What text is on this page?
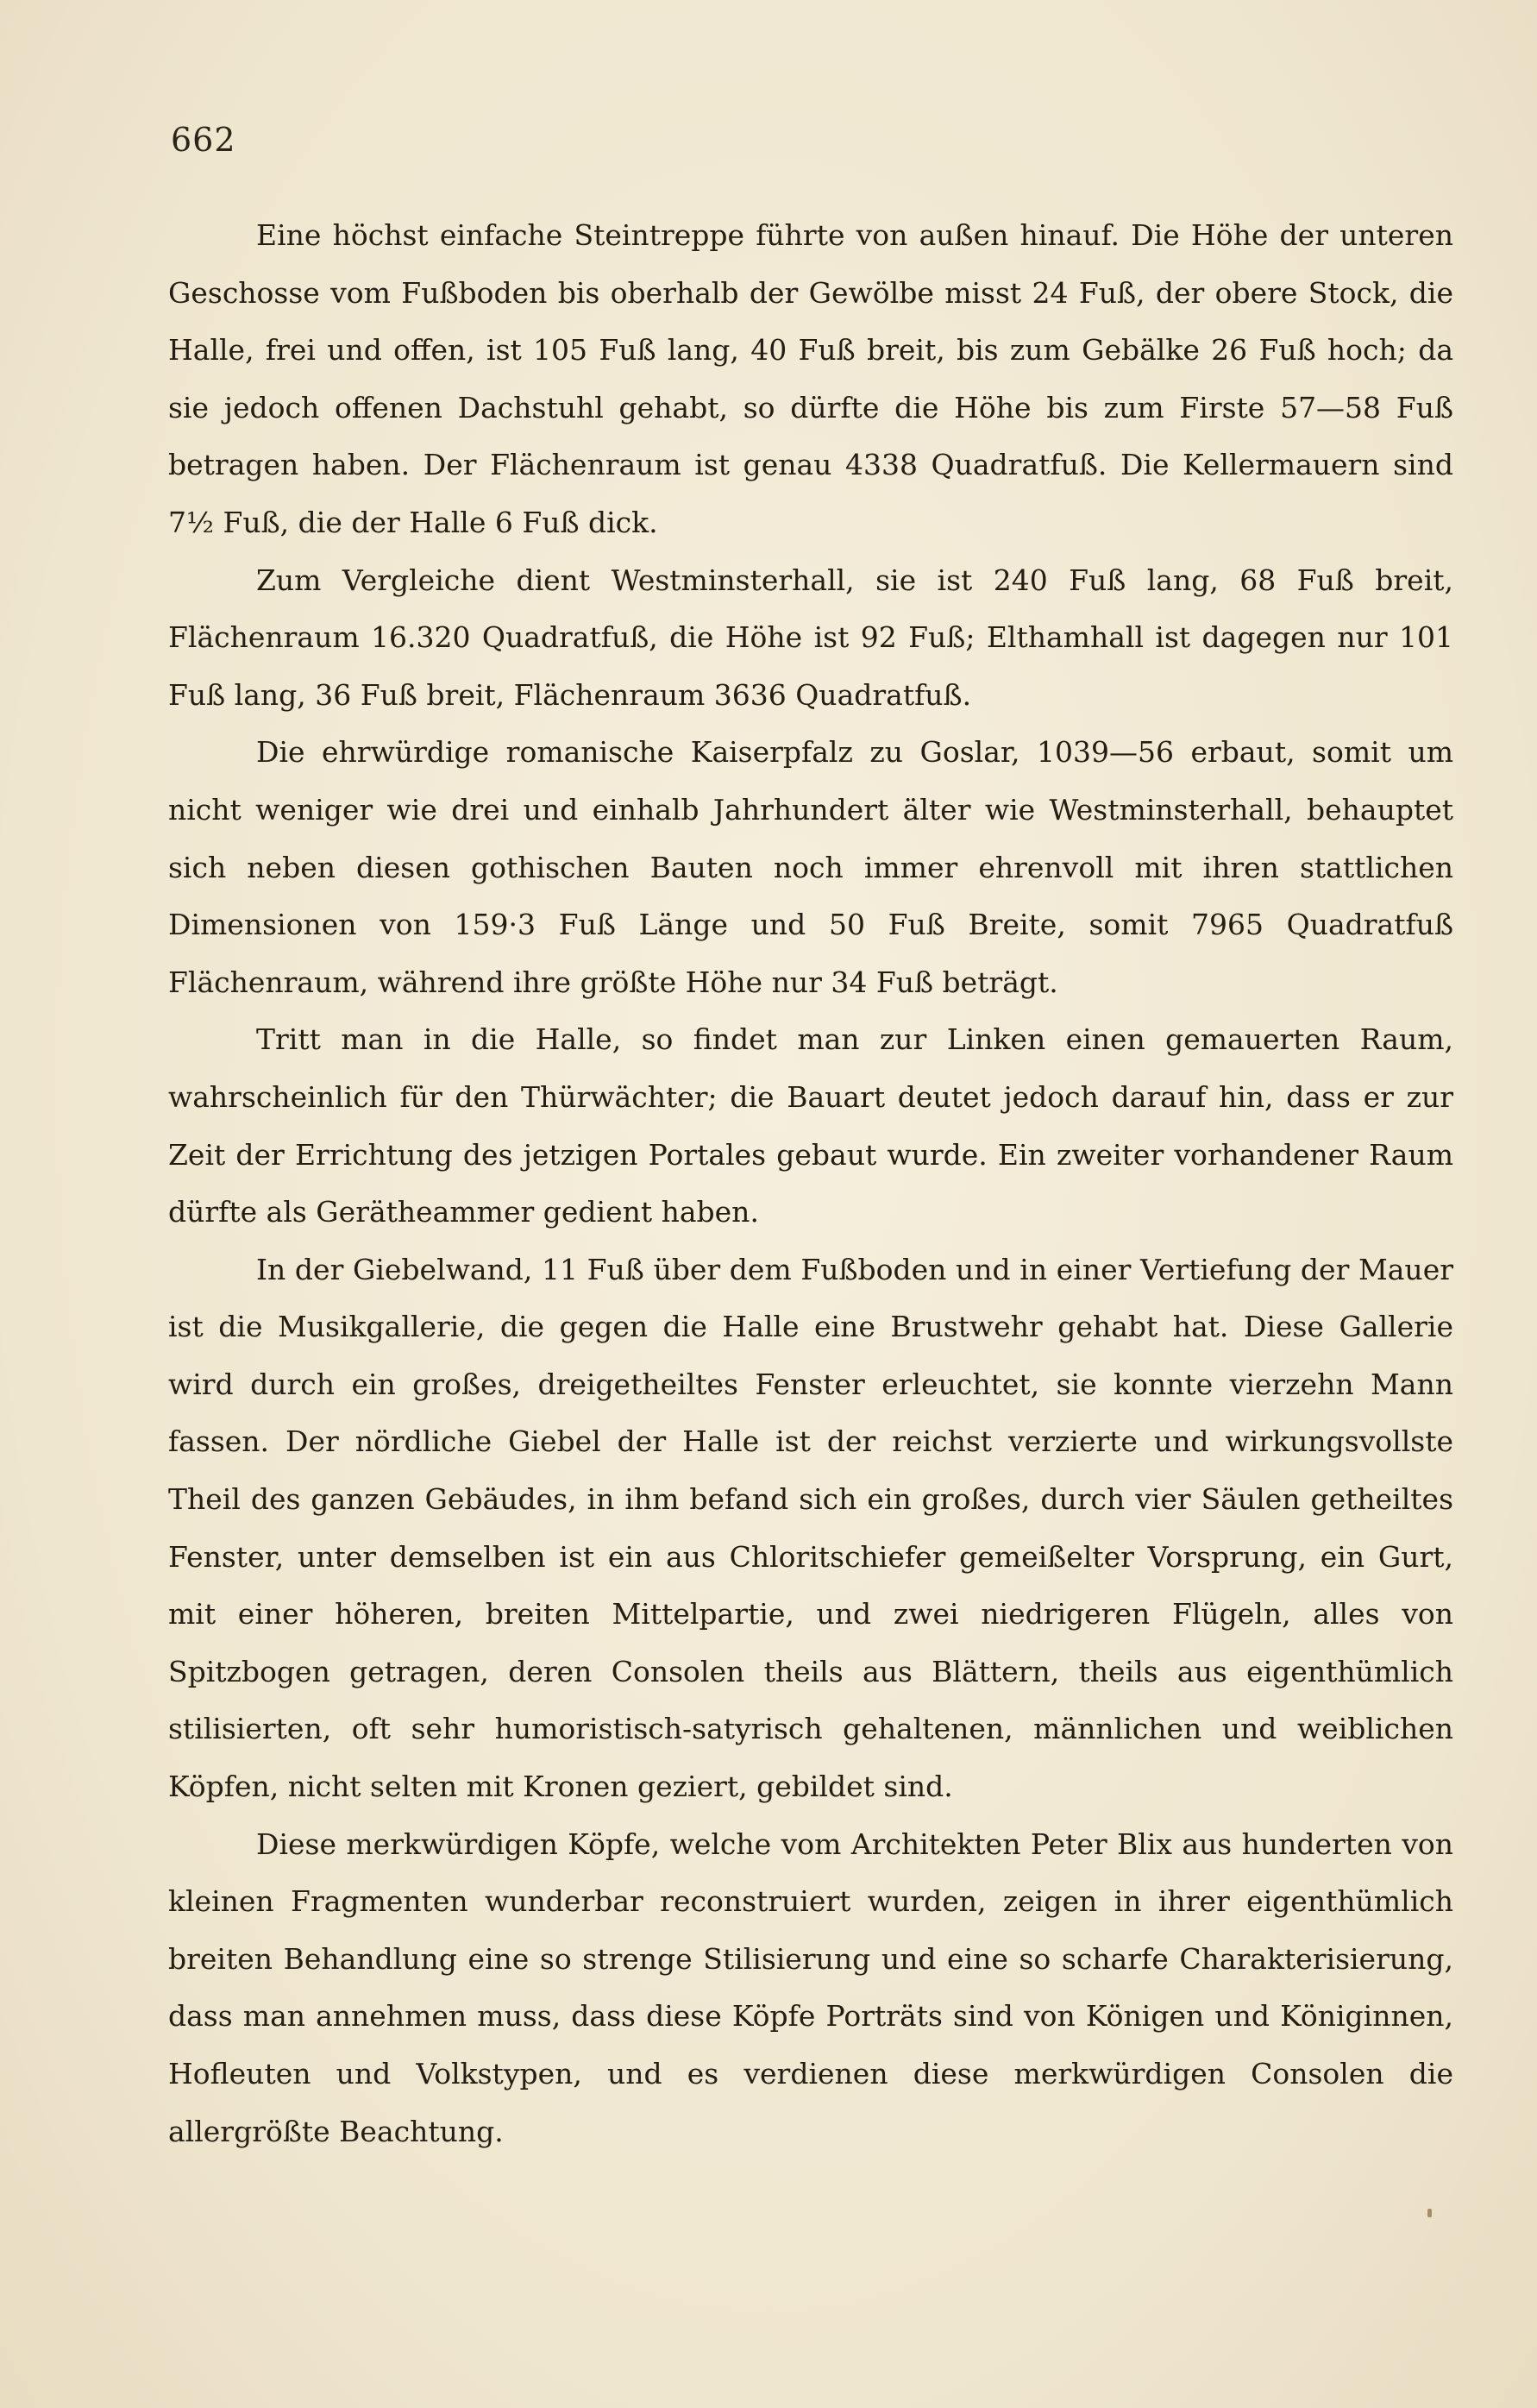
662

Eine höchst einfache Steintreppe führte von außen hinauf. Die Höhe der unteren Geschosse vom Fußboden bis oberhalb der Gewölbe misst 24 Fuß, der obere Stock, die Halle, frei und offen, ist 105 Fuß lang, 40 Fuß breit, bis zum Gebälke 26 Fuß hoch; da sie jedoch offenen Dachstuhl gehabt, so dürfte die Höhe bis zum Firste 57—58 Fuß betragen haben. Der Flächenraum ist genau 4338 Quadratfuß. Die Kellermauern sind 7½ Fuß, die der Halle 6 Fuß dick.

Zum Vergleiche dient Westminsterhall, sie ist 240 Fuß lang, 68 Fuß breit, Flächenraum 16.320 Quadratfuß, die Höhe ist 92 Fuß; Elthamhall ist dagegen nur 101 Fuß lang, 36 Fuß breit, Flächenraum 3636 Quadratfuß.

Die ehrwürdige romanische Kaiserpfalz zu Goslar, 1039—56 erbaut, somit um nicht weniger wie drei und einhalb Jahrhundert älter wie Westminsterhall, behauptet sich neben diesen gothischen Bauten noch immer ehrenvoll mit ihren stattlichen Dimensionen von 159·3 Fuß Länge und 50 Fuß Breite, somit 7965 Quadratfuß Flächenraum, während ihre größte Höhe nur 34 Fuß beträgt.

Tritt man in die Halle, so findet man zur Linken einen gemauerten Raum, wahrscheinlich für den Thürwächter; die Bauart deutet jedoch darauf hin, dass er zur Zeit der Errichtung des jetzigen Portales gebaut wurde. Ein zweiter vorhandener Raum dürfte als Gerätheammer gedient haben.

In der Giebelwand, 11 Fuß über dem Fußboden und in einer Vertiefung der Mauer ist die Musikgallerie, die gegen die Halle eine Brustwehr gehabt hat. Diese Gallerie wird durch ein großes, dreigetheiltes Fenster erleuchtet, sie konnte vierzehn Mann fassen. Der nördliche Giebel der Halle ist der reichst verzierte und wirkungsvollste Theil des ganzen Gebäudes, in ihm befand sich ein großes, durch vier Säulen getheiltes Fenster, unter demselben ist ein aus Chloritschiefer gemeißelter Vorsprung, ein Gurt, mit einer höheren, breiten Mittelpartie, und zwei niedrigeren Flügeln, alles von Spitzbogen getragen, deren Consolen theils aus Blättern, theils aus eigenthümlich stilisierten, oft sehr humoristisch-satyrisch gehaltenen, männlichen und weiblichen Köpfen, nicht selten mit Kronen geziert, gebildet sind.

Diese merkwürdigen Köpfe, welche vom Architekten Peter Blix aus hunderten von kleinen Fragmenten wunderbar reconstruiert wurden, zeigen in ihrer eigenthümlich breiten Behandlung eine so strenge Stilisierung und eine so scharfe Charakterisierung, dass man annehmen muss, dass diese Köpfe Porträts sind von Königen und Königinnen, Hofleuten und Volkstypen, und es verdienen diese merkwürdigen Consolen die allergrößte Beachtung.
